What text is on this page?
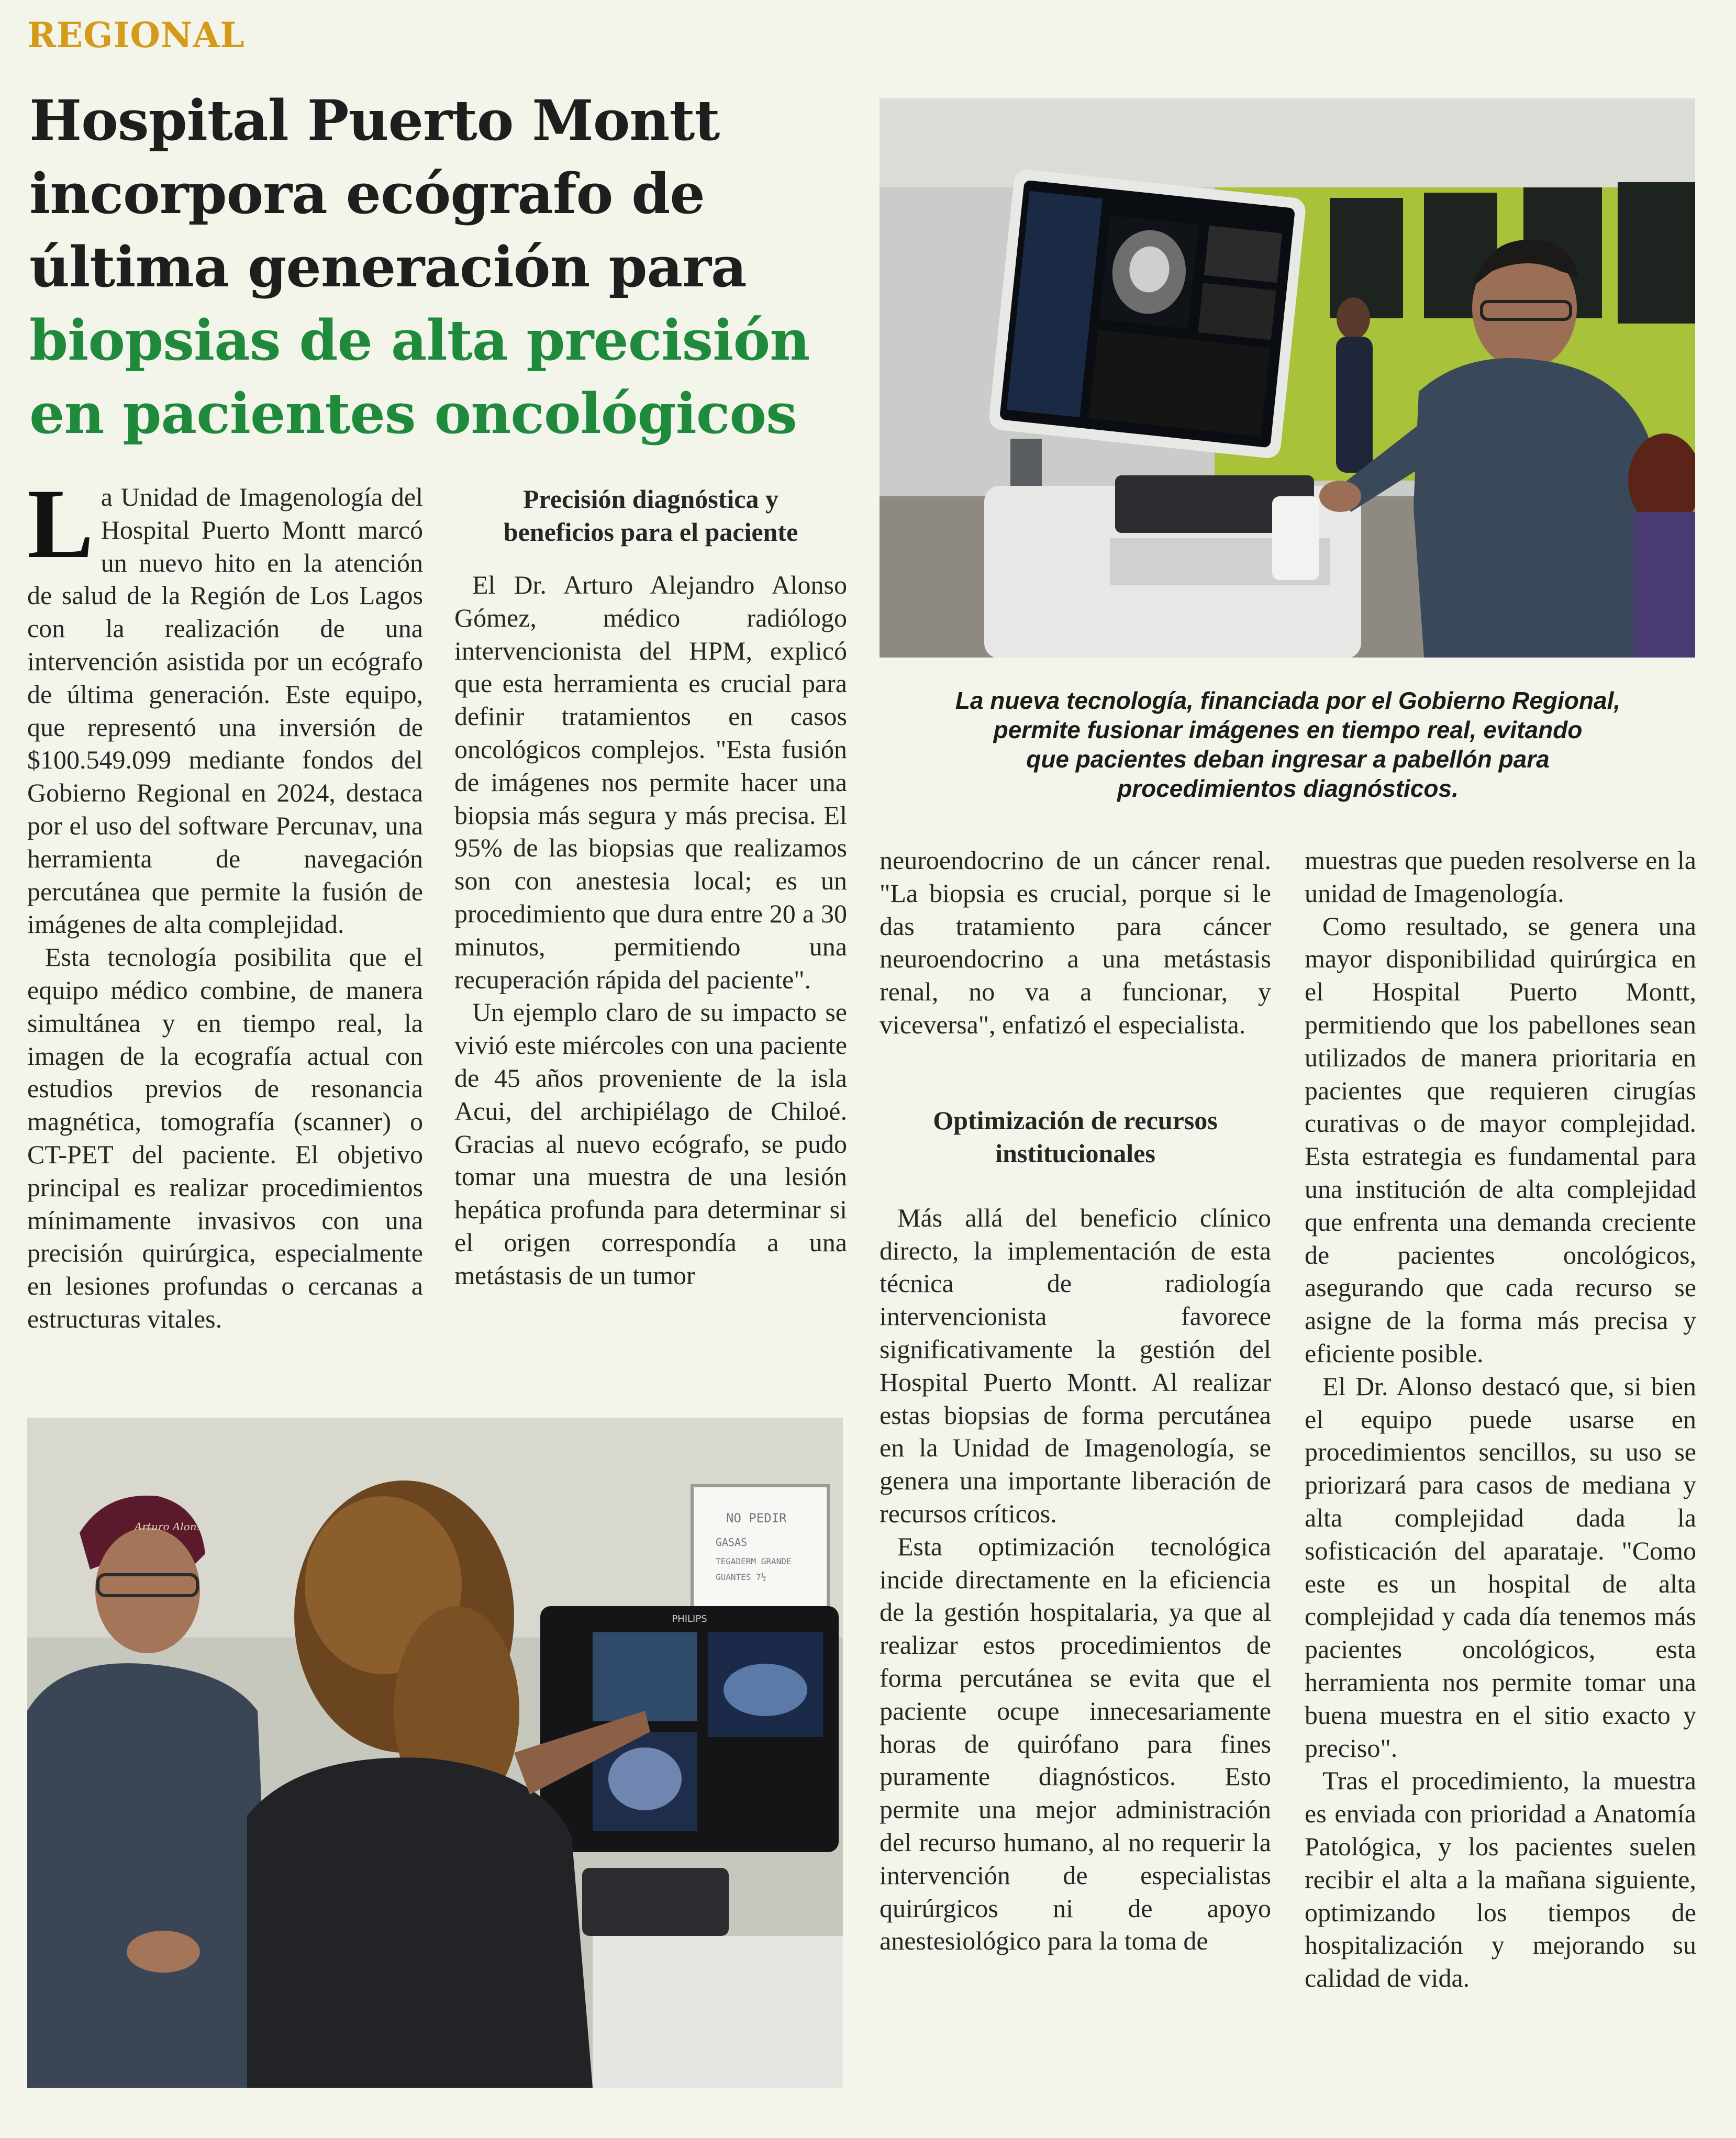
REGIONAL
Hospital Puerto Montt
incorpora ecógrafo de
última generación para
biopsias de alta precisión
en pacientes oncológicos
La nueva tecnología, financiada por el Gobierno Regional,
permite fusionar imágenes en tiempo real, evitando
que pacientes deban ingresar a pabellón para
procedimientos diagnósticos.
L a Unidad de Imagenología del Hospital Puerto Montt marcó un nuevo hito en la atención de salud de la Región de Los Lagos con la realización de una intervención asistida por un ecógrafo de última generación. Este equipo, que representó una inversión de $100.549.099 mediante fondos del Gobierno Regional en 2024, destaca por el uso del software Percunav, una herramienta de navegación percutánea que permite la fusión de imágenes de alta complejidad.

Esta tecnología posibilita que el equipo médico combine, de manera simultánea y en tiempo real, la imagen de la ecografía actual con estudios previos de resonancia magnética, tomografía (scanner) o CT-PET del paciente. El objetivo principal es realizar procedimientos mínimamente invasivos con una precisión quirúrgica, especialmente en lesiones profundas o cercanas a estructuras vitales.

Precisión diagnóstica y beneficios para el paciente

El Dr. Arturo Alejandro Alonso Gómez, médico radiólogo intervencionista del HPM, explicó que esta herramienta es crucial para definir tratamientos en casos oncológicos complejos. "Esta fusión de imágenes nos permite hacer una biopsia más segura y más precisa. El 95% de las biopsias que realizamos son con anestesia local; es un procedimiento que dura entre 20 a 30 minutos, permitiendo una recuperación rápida del paciente".

Un ejemplo claro de su impacto se vivió este miércoles con una paciente de 45 años proveniente de la isla Acui, del archipiélago de Chiloé. Gracias al nuevo ecógrafo, se pudo tomar una muestra de una lesión hepática profunda para determinar si el origen correspondía a una metástasis de un tumor

neuroendocrino de un cáncer renal. "La biopsia es crucial, porque si le das tratamiento para cáncer neuroendocrino a una metástasis renal, no va a funcionar, y viceversa", enfatizó el especialista.

Optimización de recursos institucionales

Más allá del beneficio clínico directo, la implementación de esta técnica de radiología intervencionista favorece significativamente la gestión del Hospital Puerto Montt. Al realizar estas biopsias de forma percutánea en la Unidad de Imagenología, se genera una importante liberación de recursos críticos.

Esta optimización tecnológica incide directamente en la eficiencia de la gestión hospitalaria, ya que al realizar estos procedimientos de forma percutánea se evita que el paciente ocupe innecesariamente horas de quirófano para fines puramente diagnósticos. Esto permite una mejor administración del recurso humano, al no requerir la intervención de especialistas quirúrgicos ni de apoyo anestesiológico para la toma de

muestras que pueden resolverse en la unidad de Imagenología.

Como resultado, se genera una mayor disponibilidad quirúrgica en el Hospital Puerto Montt, permitiendo que los pabellones sean utilizados de manera prioritaria en pacientes que requieren cirugías curativas o de mayor complejidad. Esta estrategia es fundamental para una institución de alta complejidad que enfrenta una demanda creciente de pacientes oncológicos, asegurando que cada recurso se asigne de la forma más precisa y eficiente posible.

El Dr. Alonso destacó que, si bien el equipo puede usarse en procedimientos sencillos, su uso se priorizará para casos de mediana y alta complejidad dada la sofisticación del aparataje. "Como este es un hospital de alta complejidad y cada día tenemos más pacientes oncológicos, esta herramienta nos permite tomar una buena muestra en el sitio exacto y preciso".

Tras el procedimiento, la muestra es enviada con prioridad a Anatomía Patológica, y los pacientes suelen recibir el alta a la mañana siguiente, optimizando los tiempos de hospitalización y mejorando su calidad de vida.

NO PEDIR
GASAS
TEGADERM GRANDE
GUANTES 7½
PHILIPS
Arturo Alonso
